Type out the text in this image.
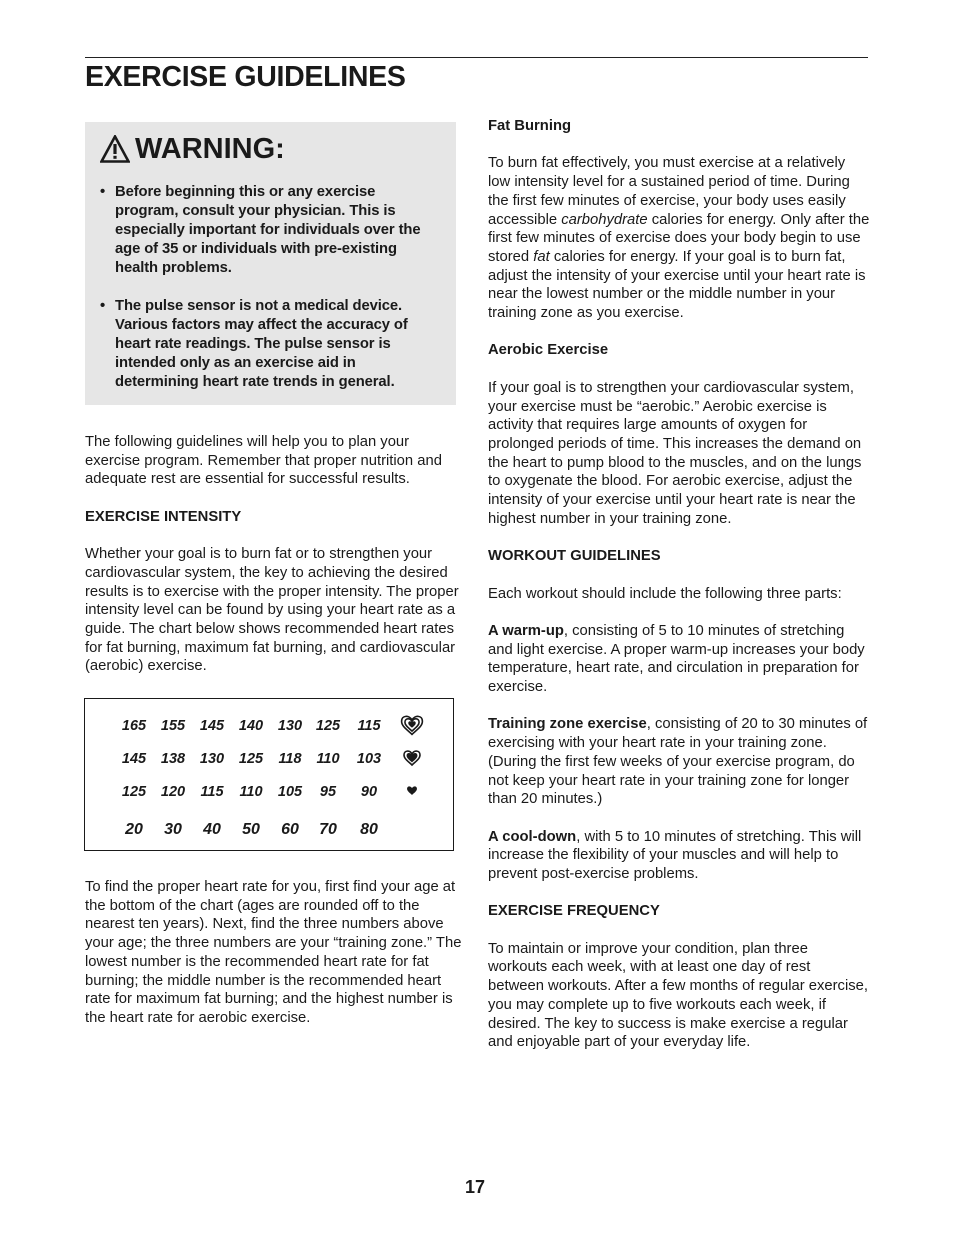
EXERCISE GUIDELINES
WARNING:
• Before beginning this or any exercise program, consult your physician. This is especially important for individuals over the age of 35 or individuals with pre-existing health problems.
• The pulse sensor is not a medical device. Various factors may affect the accuracy of heart rate readings. The pulse sensor is intended only as an exercise aid in determining heart rate trends in general.

The following guidelines will help you to plan your exercise program. Remember that proper nutrition and adequate rest are essential for successful results.

EXERCISE INTENSITY

Whether your goal is to burn fat or to strengthen your cardiovascular system, the key to achieving the desired results is to exercise with the proper intensity. The proper intensity level can be found by using your heart rate as a guide. The chart below shows recommended heart rates for fat burning, maximum fat burning, and cardiovascular (aerobic) exercise.

165 155 145 140 130 125 115
145 138 130 125 118 110 103
125 120 115 110 105 95 90
20 30 40 50 60 70 80

To find the proper heart rate for you, first find your age at the bottom of the chart (ages are rounded off to the nearest ten years). Next, find the three numbers above your age; the three numbers are your “training zone.” The lowest number is the recommended heart rate for fat burning; the middle number is the recommended heart rate for maximum fat burning; and the highest number is the heart rate for aerobic exercise.

Fat Burning

To burn fat effectively, you must exercise at a relatively low intensity level for a sustained period of time. During the first few minutes of exercise, your body uses easily accessible carbohydrate calories for energy. Only after the first few minutes of exercise does your body begin to use stored fat calories for energy. If your goal is to burn fat, adjust the intensity of your exercise until your heart rate is near the lowest number or the middle number in your training zone as you exercise.

Aerobic Exercise

If your goal is to strengthen your cardiovascular system, your exercise must be “aerobic.” Aerobic exercise is activity that requires large amounts of oxygen for prolonged periods of time. This increases the demand on the heart to pump blood to the muscles, and on the lungs to oxygenate the blood. For aerobic exercise, adjust the intensity of your exercise until your heart rate is near the highest number in your training zone.

WORKOUT GUIDELINES

Each workout should include the following three parts:

A warm-up, consisting of 5 to 10 minutes of stretching and light exercise. A proper warm-up increases your body temperature, heart rate, and circulation in preparation for exercise.

Training zone exercise, consisting of 20 to 30 minutes of exercising with your heart rate in your training zone. (During the first few weeks of your exercise program, do not keep your heart rate in your training zone for longer than 20 minutes.)

A cool-down, with 5 to 10 minutes of stretching. This will increase the flexibility of your muscles and will help to prevent post-exercise problems.

EXERCISE FREQUENCY

To maintain or improve your condition, plan three workouts each week, with at least one day of rest between workouts. After a few months of regular exercise, you may complete up to five workouts each week, if desired. The key to success is make exercise a regular and enjoyable part of your everyday life.

17
